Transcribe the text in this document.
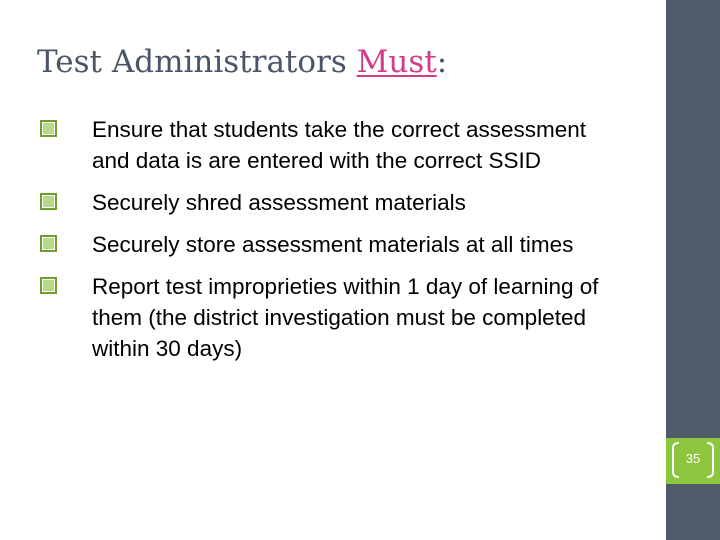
Test Administrators Must:
Ensure that students take the correct assessment and data is are entered with the correct SSID
Securely shred assessment materials
Securely store assessment materials at all times
Report test improprieties within 1 day of learning of them (the district investigation must be completed within 30 days)
35
